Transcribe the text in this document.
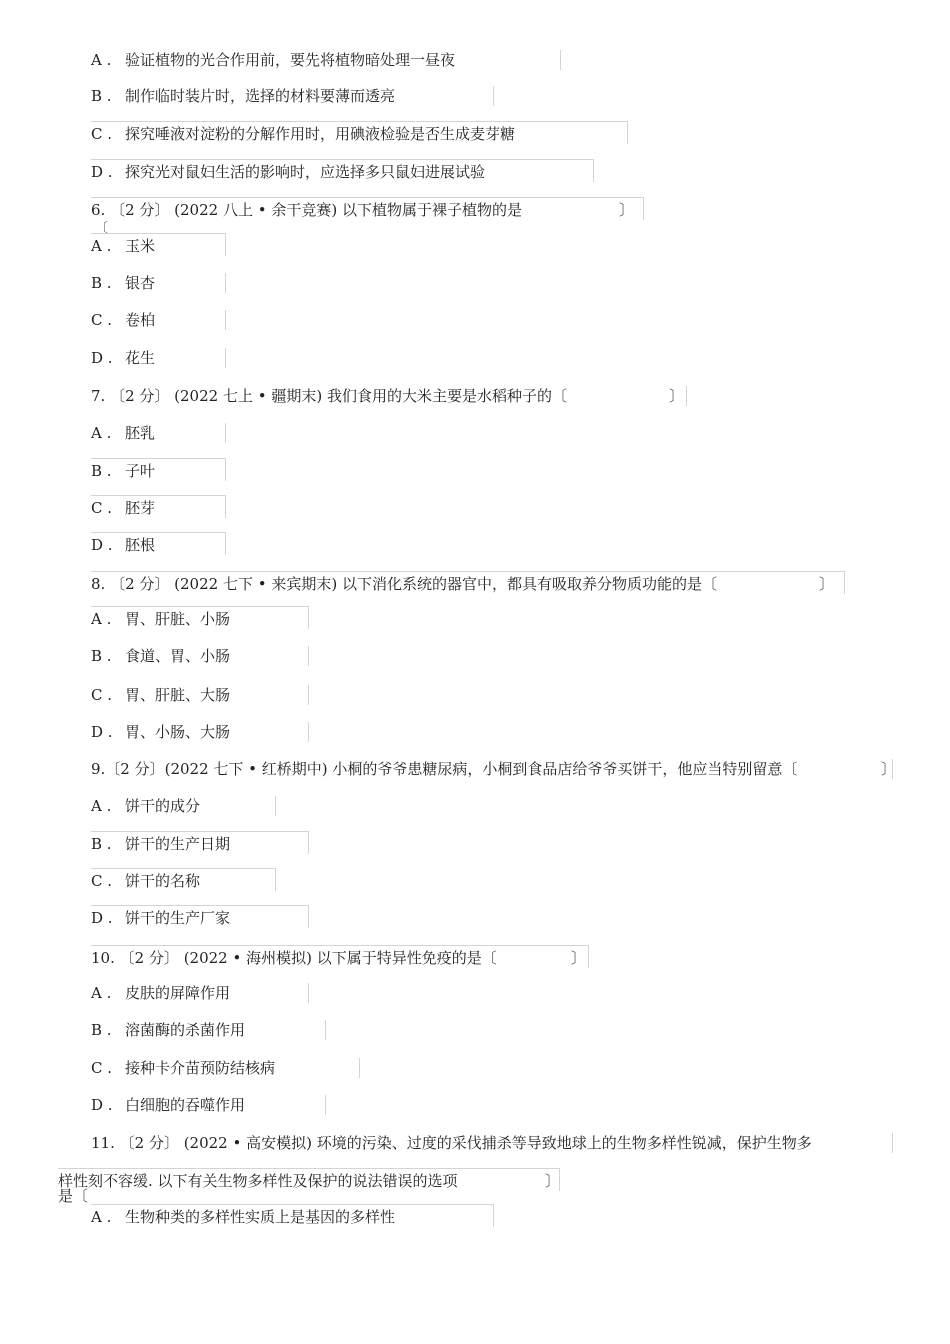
A . 验证植物的光合作用前，要先将植物暗处理一昼夜
B . 制作临时装片时，选择的材料要薄而透亮
C . 探究唾液对淀粉的分解作用时，用碘液检验是否生成麦芽糖
D . 探究光对鼠妇生活的影响时，应选择多只鼠妇进展试验
6. 〔2 分〕 (2022 八上 • 余干竞赛) 以下植物属于裸子植物的是	〕
〔
A . 玉米
B . 银杏
C . 卷柏
D . 花生
7. 〔2 分〕 (2022 七上 • 疆期末) 我们食用的大米主要是水稻种子的〔	〕
A . 胚乳
B . 子叶
C . 胚芽
D . 胚根
8. 〔2 分〕 (2022 七下 • 来宾期末) 以下消化系统的器官中，都具有吸取养分物质功能的是〔	〕
A . 胃、肝脏、小肠
B . 食道、胃、小肠
C . 胃、肝脏、大肠
D . 胃、小肠、大肠
9.〔2 分〕(2022 七下 • 红桥期中) 小桐的爷爷患糖尿病，小桐到食品店给爷爷买饼干，他应当特别留意〔	〕
A . 饼干的成分
B . 饼干的生产日期
C . 饼干的名称
D . 饼干的生产厂家
10. 〔2 分〕 (2022 • 海州模拟) 以下属于特异性免疫的是〔	〕
A . 皮肤的屏障作用
B . 溶菌酶的杀菌作用
C . 接种卡介苗预防结核病
D . 白细胞的吞噬作用
11. 〔2 分〕 (2022 • 高安模拟) 环境的污染、过度的采伐捕杀等导致地球上的生物多样性锐减，保护生物多
样性刻不容缓. 以下有关生物多样性及保护的说法错误的选项	〕
是〔
A . 生物种类的多样性实质上是基因的多样性
